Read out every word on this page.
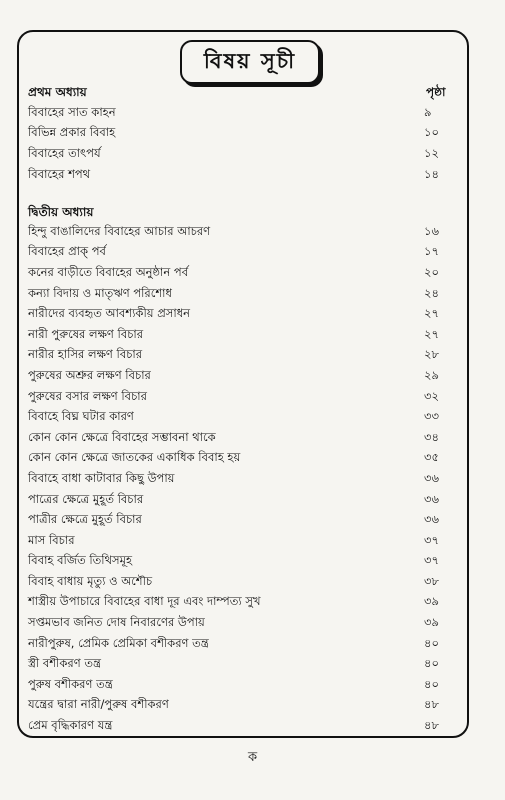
বিষয় সূচী
প্রথম অধ্যায়	পৃষ্ঠা
বিবাহের সাত কাহন	৯
বিভিন্ন প্রকার বিবাহ	১০
বিবাহের তাৎপর্য	১২
বিবাহের শপথ	১৪
দ্বিতীয় অধ্যায়
হিন্দু বাঙালিদের বিবাহের আচার আচরণ	১৬
বিবাহের প্রাক্ পর্ব	১৭
কনের বাড়ীতে বিবাহের অনুষ্ঠান পর্ব	২০
কন্যা বিদায় ও মাতৃঋণ পরিশোধ	২৪
নারীদের ব্যবহৃত আবশ্যকীয় প্রসাধন	২৭
নারী পুরুষের লক্ষণ বিচার	২৭
নারীর হাসির লক্ষণ বিচার	২৮
পুরুষের অশ্রুর লক্ষণ বিচার	২৯
পুরুষের বসার লক্ষণ বিচার	৩২
বিবাহে বিঘ্ন ঘটার কারণ	৩৩
কোন কোন ক্ষেত্রে বিবাহের সম্ভাবনা থাকে	৩৪
কোন কোন ক্ষেত্রে জাতকের একাধিক বিবাহ হয়	৩৫
বিবাহে বাধা কাটাবার কিছু উপায়	৩৬
পাত্রের ক্ষেত্রে মুহূর্ত বিচার	৩৬
পাত্রীর ক্ষেত্রে মুহূর্ত বিচার	৩৬
মাস বিচার	৩৭
বিবাহ বর্জিত তিথিসমূহ	৩৭
বিবাহ বাধায় মৃত্যু ও অশৌচ	৩৮
শাস্ত্রীয় উপাচারে বিবাহের বাধা দূর এবং দাম্পত্য সুখ	৩৯
সপ্তমভাব জনিত দোষ নিবারণের উপায়	৩৯
নারীপুরুষ, প্রেমিক প্রেমিকা বশীকরণ তন্ত্র	৪০
স্ত্রী বশীকরণ তন্ত্র	৪০
পুরুষ বশীকরণ তন্ত্র	৪০
যন্ত্রের দ্বারা নারী/পুরুষ বশীকরণ	৪৮
প্রেম বৃদ্ধিকারণ যন্ত্র	৪৮
ক
